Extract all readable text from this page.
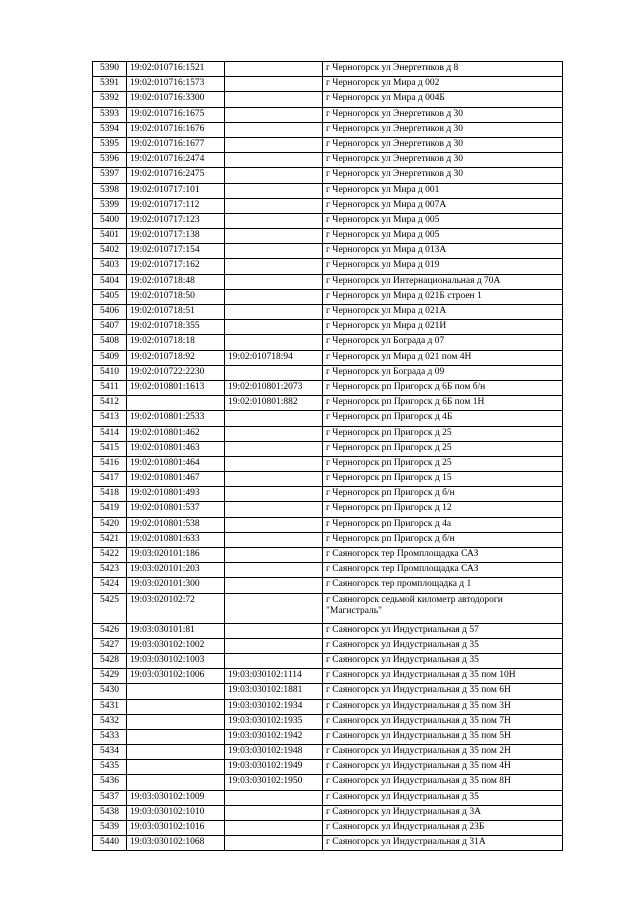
5390	19:02:010716:1521		г Черногорск ул Энергетиков д 8
5391	19:02:010716:1573		г Черногорск ул Мира д 002
5392	19:02:010716:3300		г Черногорск ул Мира д 004Б
5393	19:02:010716:1675		г Черногорск ул Энергетиков д 30
5394	19:02:010716:1676		г Черногорск ул Энергетиков д 30
5395	19:02:010716:1677		г Черногорск ул Энергетиков д 30
5396	19:02:010716:2474		г Черногорск ул Энергетиков д 30
5397	19:02:010716:2475		г Черногорск ул Энергетиков д 30
5398	19:02:010717:101		г Черногорск ул Мира д 001
5399	19:02:010717:112		г Черногорск ул Мира д 007А
5400	19:02:010717:123		г Черногорск ул Мира д 005
5401	19:02:010717:138		г Черногорск ул Мира д 005
5402	19:02:010717:154		г Черногорск ул Мира д 013А
5403	19:02:010717:162		г Черногорск ул Мира д 019
5404	19:02:010718:48		г Черногорск ул Интернациональная д 70А
5405	19:02:010718:50		г Черногорск ул Мира д 021Б строен 1
5406	19:02:010718:51		г Черногорск ул Мира д 021А
5407	19:02:010718:355		г Черногорск ул Мира д 021И
5408	19:02:010718:18		г Черногорск ул Бограда д 07
5409	19:02:010718:92	19:02:010718:94	г Черногорск ул Мира д 021 пом 4Н
5410	19:02:010722:2230		г Черногорск ул Бограда д 09
5411	19:02:010801:1613	19:02:010801:2073	г Черногорск рп Пригорск д 6Б пом б/н
5412		19:02:010801:882	г Черногорск рп Пригорск д 6Б пом 1Н
5413	19:02:010801:2533		г Черногорск рп Пригорск д 4Б
5414	19:02:010801:462		г Черногорск рп Пригорск д 25
5415	19:02:010801:463		г Черногорск рп Пригорск д 25
5416	19:02:010801:464		г Черногорск рп Пригорск д 25
5417	19:02:010801:467		г Черногорск рп Пригорск д 15
5418	19:02:010801:493		г Черногорск рп Пригорск д б/н
5419	19:02:010801:537		г Черногорск рп Пригорск д 12
5420	19:02:010801:538		г Черногорск рп Пригорск д 4а
5421	19:02:010801:633		г Черногорск рп Пригорск д б/н
5422	19:03:020101:186		г Саяногорск тер Промплощадка САЗ
5423	19:03:020101:203		г Саяногорск тер Промплощадка САЗ
5424	19:03:020101:300		г Саяногорск тер промплощадка д 1
5425	19:03:020102:72		г Саяногорск седьмой километр автодороги "Магистраль"
5426	19:03:030101:81		г Саяногорск ул Индустриальная д 57
5427	19:03:030102:1002		г Саяногорск ул Индустриальная д 35
5428	19:03:030102:1003		г Саяногорск ул Индустриальная д 35
5429	19:03:030102:1006	19:03:030102:1114	г Саяногорск ул Индустриальная д 35 пом 10Н
5430		19:03:030102:1881	г Саяногорск ул Индустриальная д 35 пом 6Н
5431		19:03:030102:1934	г Саяногорск ул Индустриальная д 35 пом 3Н
5432		19:03:030102:1935	г Саяногорск ул Индустриальная д 35 пом 7Н
5433		19:03:030102:1942	г Саяногорск ул Индустриальная д 35 пом 5Н
5434		19:03:030102:1948	г Саяногорск ул Индустриальная д 35 пом 2Н
5435		19:03:030102:1949	г Саяногорск ул Индустриальная д 35 пом 4Н
5436		19:03:030102:1950	г Саяногорск ул Индустриальная д 35 пом 8Н
5437	19:03:030102:1009		г Саяногорск ул Индустриальная д 35
5438	19:03:030102:1010		г Саяногорск ул Индустриальная д 3А
5439	19:03:030102:1016		г Саяногорск ул Индустриальная д 23Б
5440	19:03:030102:1068		г Саяногорск ул Индустриальная д 31А
